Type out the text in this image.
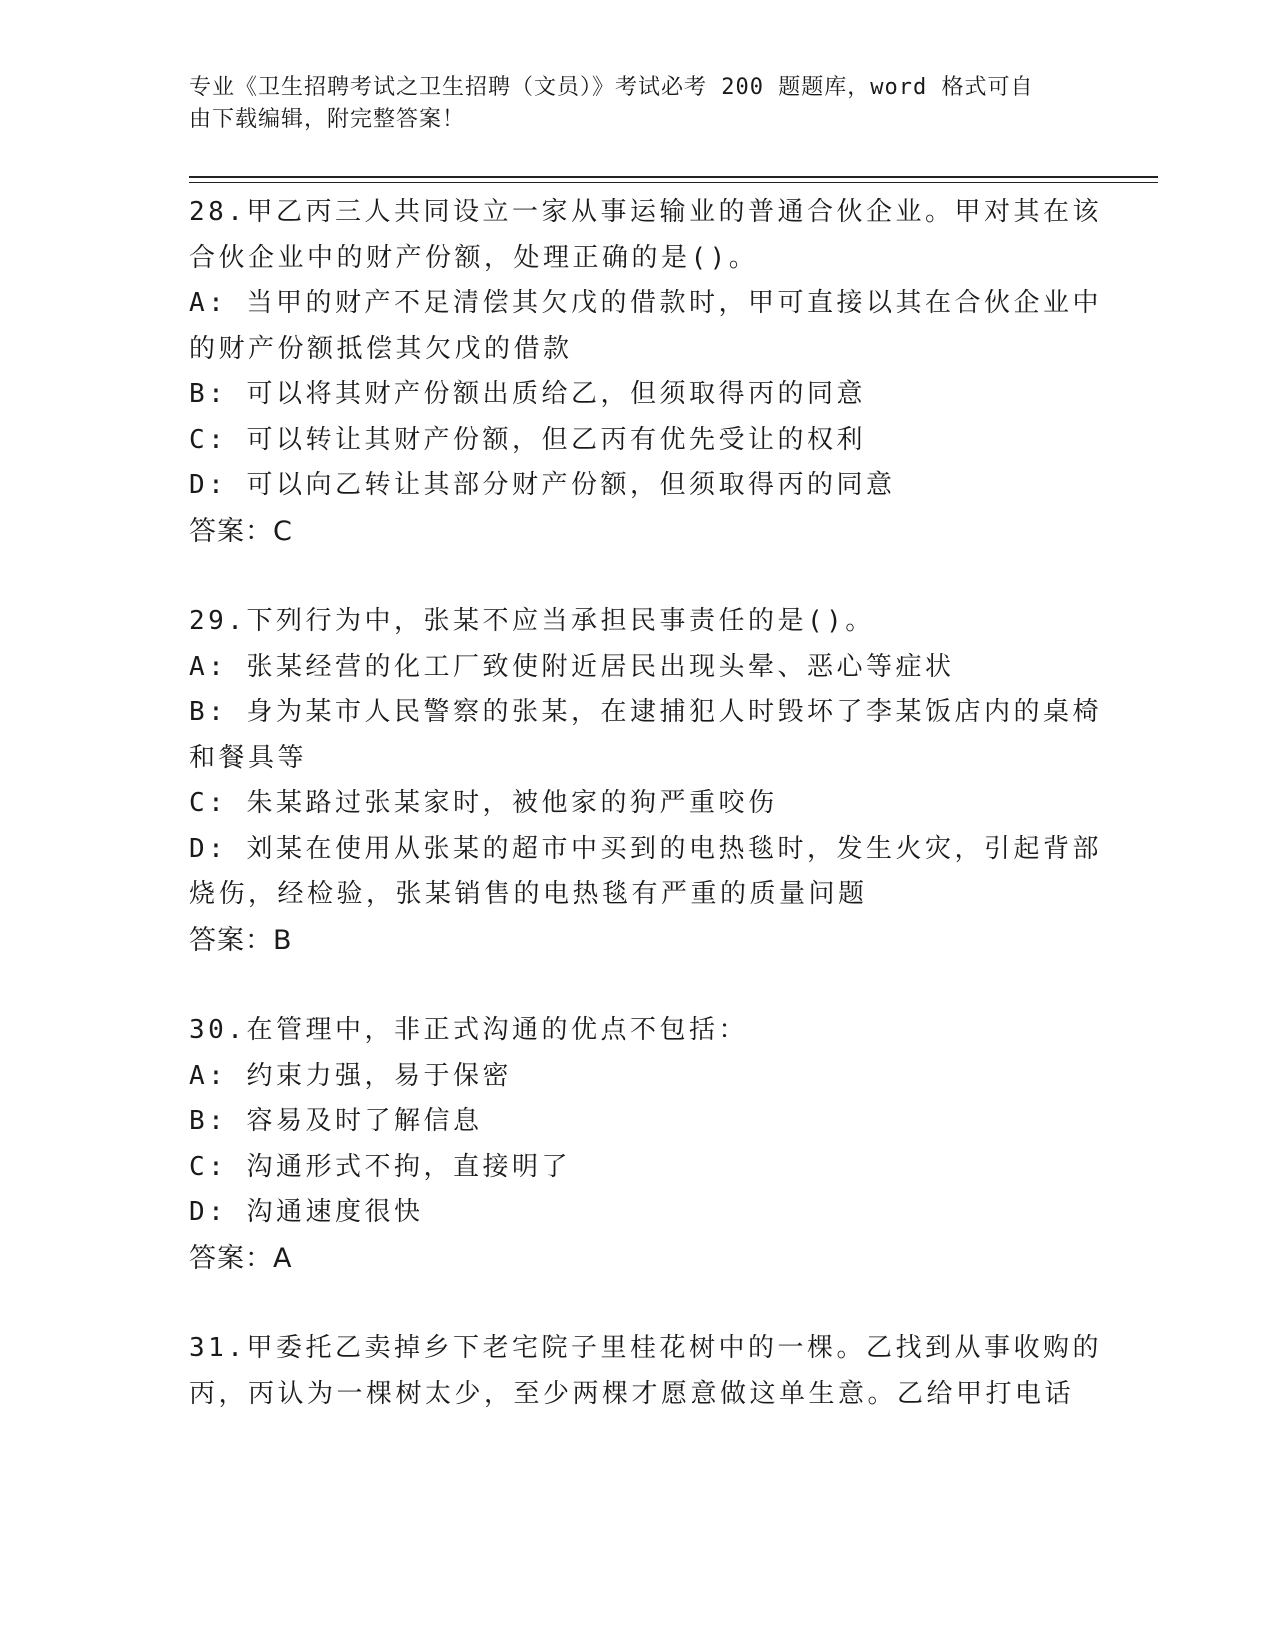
专业《卫生招聘考试之卫生招聘（文员）》考试必考 200 题题库，word 格式可自
由下载编辑，附完整答案！
28.甲乙丙三人共同设立一家从事运输业的普通合伙企业。甲对其在该
合伙企业中的财产份额，处理正确的是()。
A: 当甲的财产不足清偿其欠戊的借款时，甲可直接以其在合伙企业中
的财产份额抵偿其欠戊的借款
B: 可以将其财产份额出质给乙，但须取得丙的同意
C: 可以转让其财产份额，但乙丙有优先受让的权利
D: 可以向乙转让其部分财产份额，但须取得丙的同意
答案：C
29.下列行为中，张某不应当承担民事责任的是()。
A: 张某经营的化工厂致使附近居民出现头晕、恶心等症状
B: 身为某市人民警察的张某，在逮捕犯人时毁坏了李某饭店内的桌椅
和餐具等
C: 朱某路过张某家时，被他家的狗严重咬伤
D: 刘某在使用从张某的超市中买到的电热毯时，发生火灾，引起背部
烧伤，经检验，张某销售的电热毯有严重的质量问题
答案：B
30.在管理中，非正式沟通的优点不包括：
A: 约束力强，易于保密
B: 容易及时了解信息
C: 沟通形式不拘，直接明了
D: 沟通速度很快
答案：A
31.甲委托乙卖掉乡下老宅院子里桂花树中的一棵。乙找到从事收购的
丙，丙认为一棵树太少，至少两棵才愿意做这单生意。乙给甲打电话
